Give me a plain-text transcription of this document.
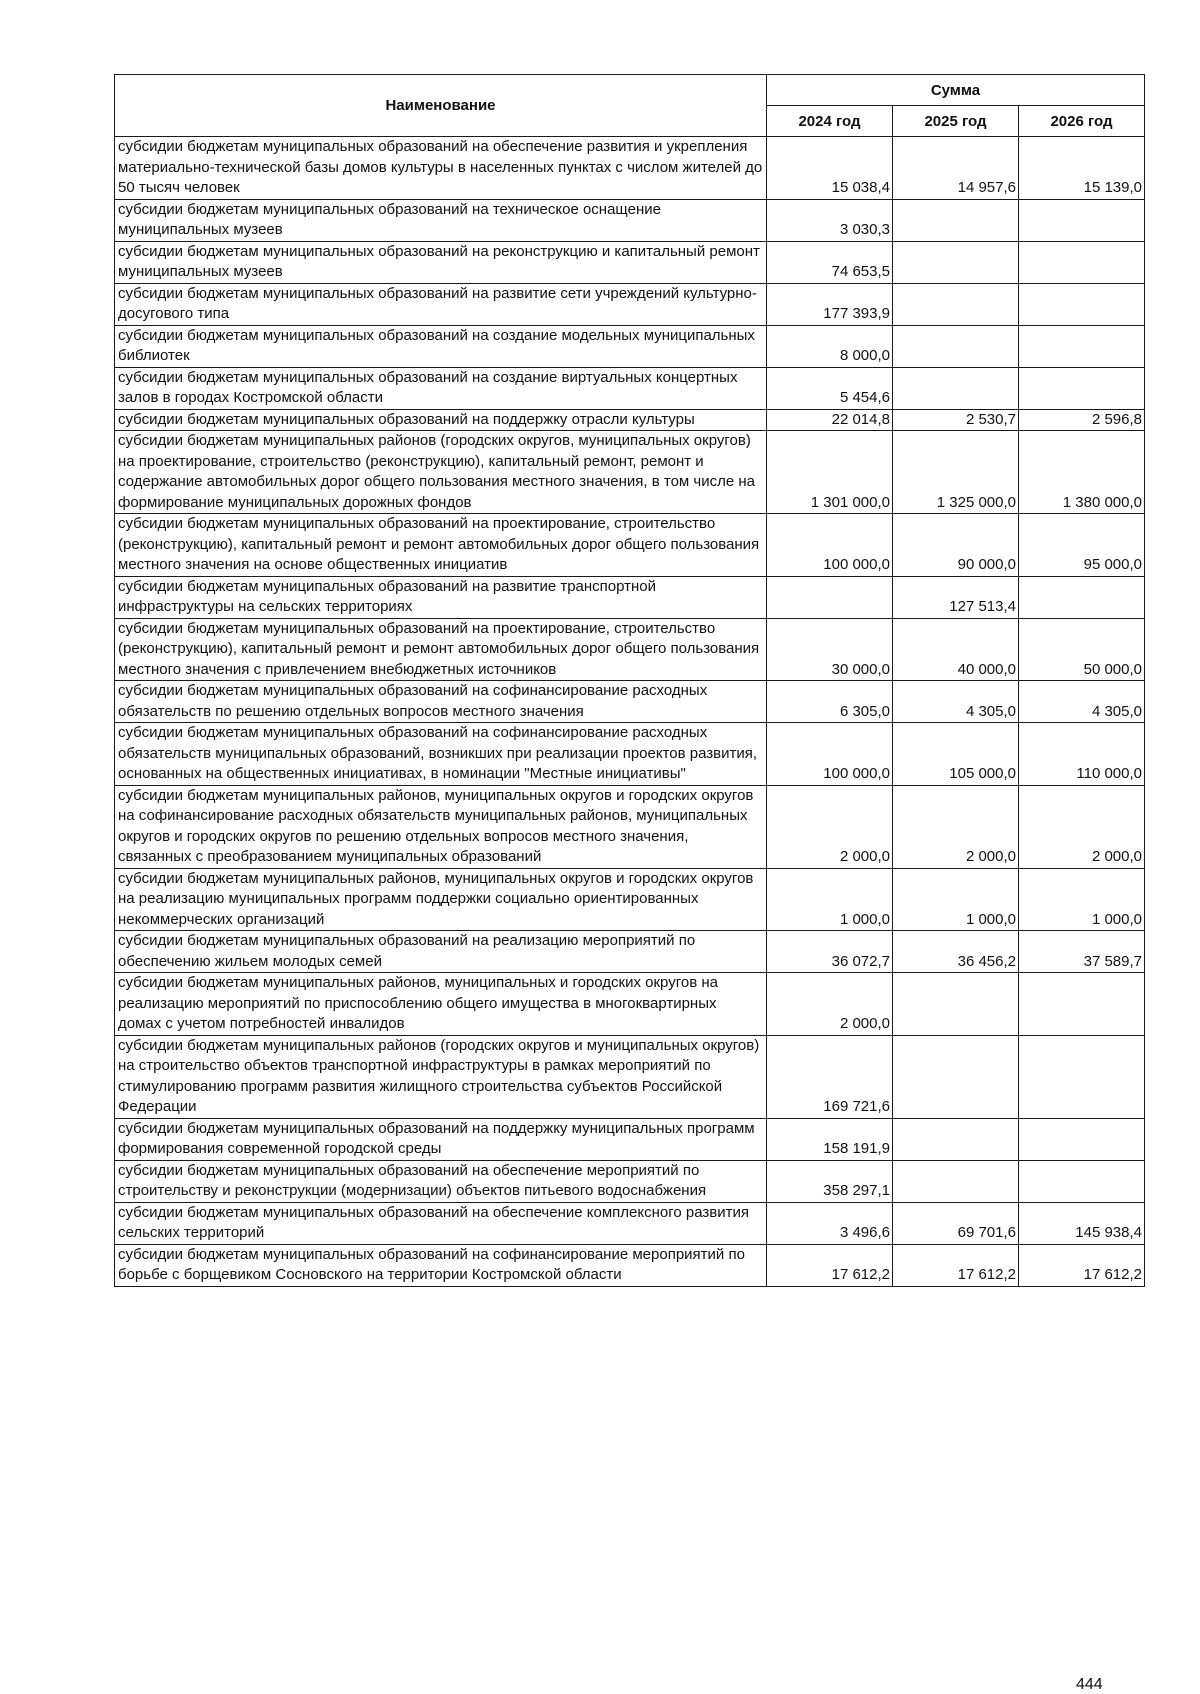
Наименование	Сумма		
	2024 год	2025 год	2026 год
субсидии бюджетам муниципальных образований на обеспечение развития и укрепления материально-технической базы домов культуры в населенных пунктах с числом жителей до 50 тысяч человек	15 038,4	14 957,6	15 139,0
субсидии бюджетам муниципальных образований на техническое оснащение муниципальных музеев	3 030,3		
субсидии бюджетам муниципальных образований на реконструкцию и капитальный ремонт муниципальных музеев	74 653,5		
субсидии бюджетам муниципальных образований на развитие сети учреждений культурно-досугового типа	177 393,9		
субсидии бюджетам муниципальных образований на создание модельных муниципальных библиотек	8 000,0		
субсидии бюджетам муниципальных образований на создание виртуальных концертных залов в городах Костромской области	5 454,6		
субсидии бюджетам муниципальных образований на поддержку отрасли культуры	22 014,8	2 530,7	2 596,8
субсидии бюджетам муниципальных районов (городских округов, муниципальных округов) на проектирование, строительство (реконструкцию), капитальный ремонт, ремонт и содержание автомобильных дорог общего пользования местного значения, в том числе на формирование муниципальных дорожных фондов	1 301 000,0	1 325 000,0	1 380 000,0
субсидии бюджетам муниципальных образований на проектирование, строительство (реконструкцию), капитальный ремонт и ремонт автомобильных дорог общего пользования местного значения на основе общественных инициатив	100 000,0	90 000,0	95 000,0
субсидии бюджетам муниципальных образований на развитие транспортной инфраструктуры на сельских территориях		127 513,4	
субсидии бюджетам муниципальных образований на проектирование, строительство (реконструкцию), капитальный ремонт и ремонт автомобильных дорог общего пользования местного значения с привлечением внебюджетных источников	30 000,0	40 000,0	50 000,0
субсидии бюджетам муниципальных образований на софинансирование расходных обязательств по решению отдельных вопросов местного значения	6 305,0	4 305,0	4 305,0
субсидии бюджетам муниципальных образований на софинансирование расходных обязательств муниципальных образований, возникших при реализации проектов развития, основанных на общественных инициативах, в номинации "Местные инициативы"	100 000,0	105 000,0	110 000,0
субсидии бюджетам муниципальных районов, муниципальных округов и городских округов на софинансирование расходных обязательств муниципальных районов, муниципальных округов и городских округов по решению отдельных вопросов местного значения, связанных с преобразованием муниципальных образований	2 000,0	2 000,0	2 000,0
субсидии бюджетам муниципальных районов, муниципальных округов и городских округов на реализацию муниципальных программ поддержки социально ориентированных некоммерческих организаций	1 000,0	1 000,0	1 000,0
субсидии бюджетам муниципальных образований на реализацию мероприятий по обеспечению жильем молодых семей	36 072,7	36 456,2	37 589,7
субсидии бюджетам муниципальных районов, муниципальных и городских округов на реализацию мероприятий по приспособлению общего имущества в многоквартирных домах с учетом потребностей инвалидов	2 000,0		
субсидии бюджетам муниципальных районов (городских округов и муниципальных округов) на строительство объектов транспортной инфраструктуры в рамках мероприятий по стимулированию программ развития жилищного строительства субъектов Российской Федерации	169 721,6		
субсидии бюджетам муниципальных образований на поддержку муниципальных программ формирования современной городской среды	158 191,9		
субсидии бюджетам муниципальных образований на обеспечение мероприятий по строительству и реконструкции (модернизации) объектов питьевого водоснабжения	358 297,1		
субсидии бюджетам муниципальных образований на обеспечение комплексного развития сельских территорий	3 496,6	69 701,6	145 938,4
субсидии бюджетам муниципальных образований на софинансирование мероприятий по борьбе с борщевиком Сосновского на территории Костромской области	17 612,2	17 612,2	17 612,2
444
